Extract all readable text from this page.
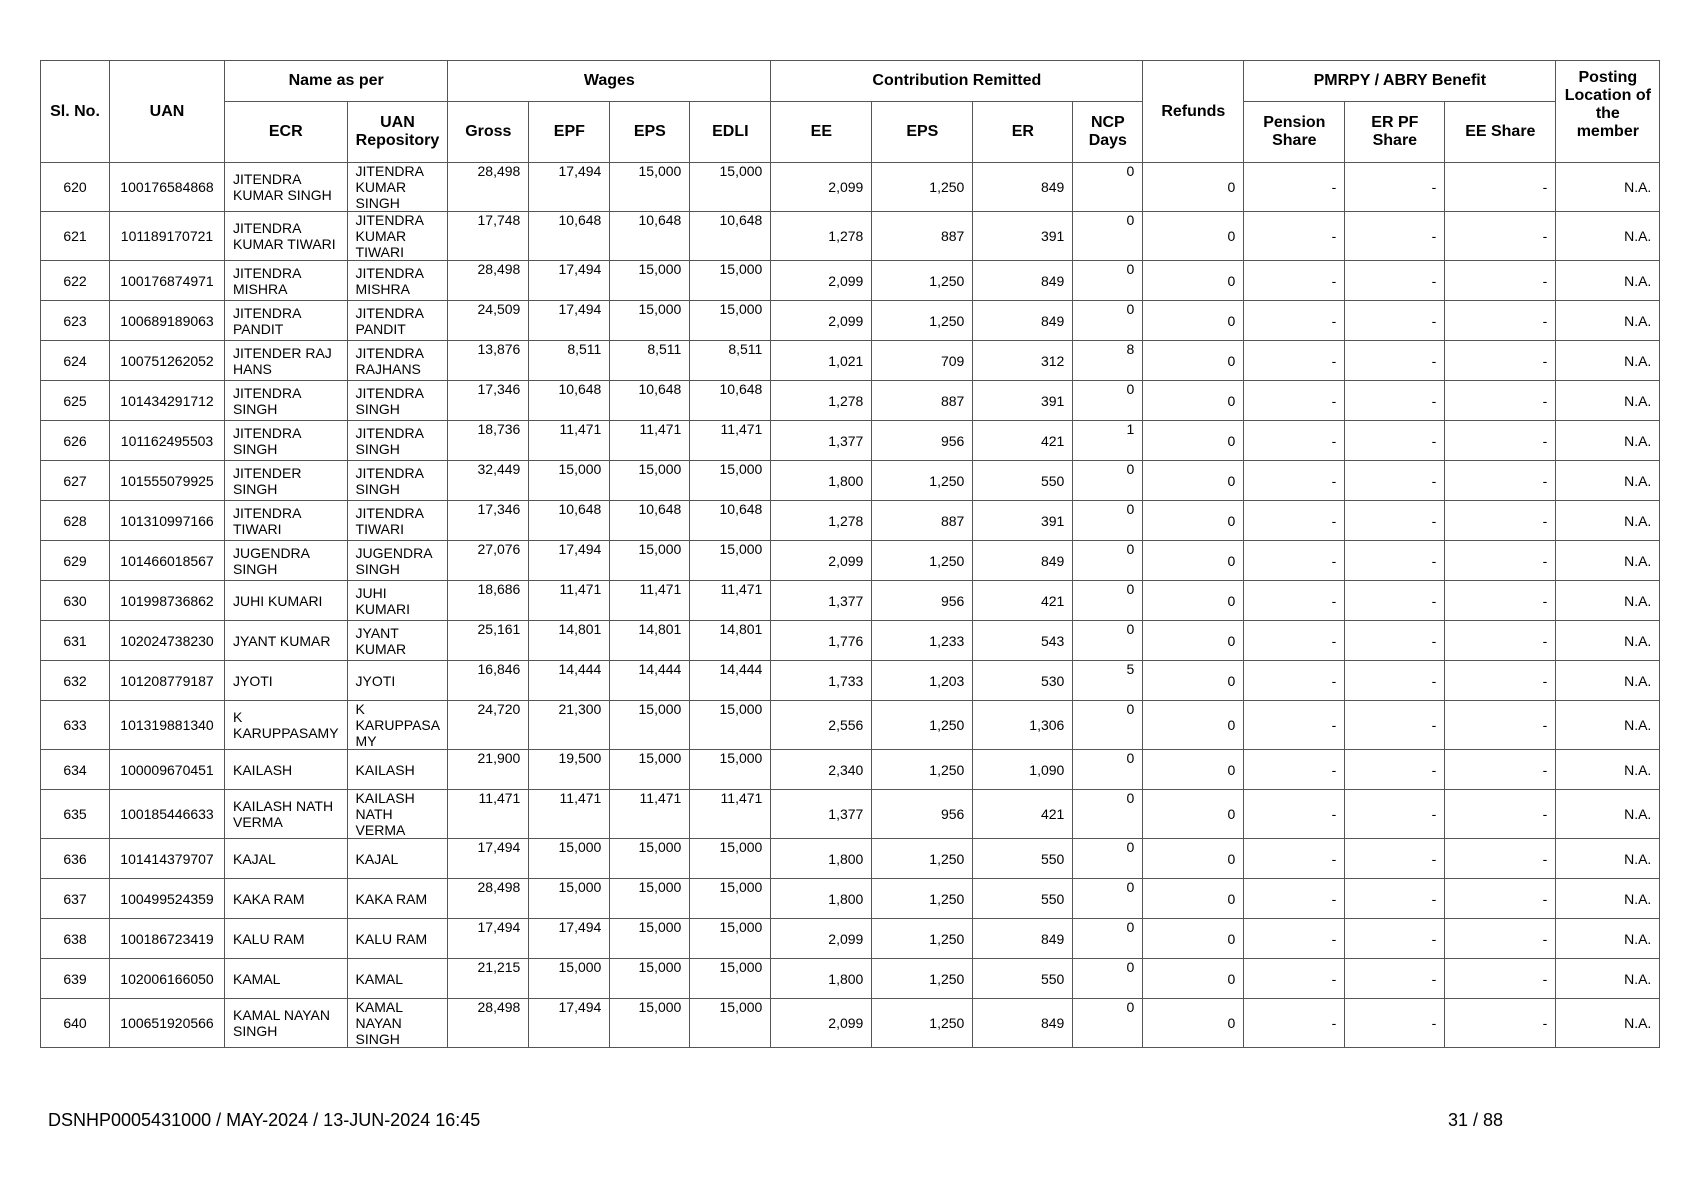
Sl. No.	UAN	Name as per		Wages				Contribution Remitted				Refunds	PMRPY / ABRY Benefit			Posting Location of the member
		ECR	UAN Repository	Gross	EPF	EPS	EDLI	EE	EPS	ER	NCP Days		Pension Share	ER PF Share	EE Share	
620	100176584868	JITENDRA KUMAR SINGH	JITENDRA KUMAR SINGH	28,498	17,494	15,000	15,000	2,099	1,250	849	0	0	-	-	-	N.A.
621	101189170721	JITENDRA KUMAR TIWARI	JITENDRA KUMAR TIWARI	17,748	10,648	10,648	10,648	1,278	887	391	0	0	-	-	-	N.A.
622	100176874971	JITENDRA MISHRA	JITENDRA MISHRA	28,498	17,494	15,000	15,000	2,099	1,250	849	0	0	-	-	-	N.A.
623	100689189063	JITENDRA PANDIT	JITENDRA PANDIT	24,509	17,494	15,000	15,000	2,099	1,250	849	0	0	-	-	-	N.A.
624	100751262052	JITENDER RAJ HANS	JITENDRA RAJHANS	13,876	8,511	8,511	8,511	1,021	709	312	8	0	-	-	-	N.A.
625	101434291712	JITENDRA SINGH	JITENDRA SINGH	17,346	10,648	10,648	10,648	1,278	887	391	0	0	-	-	-	N.A.
626	101162495503	JITENDRA SINGH	JITENDRA SINGH	18,736	11,471	11,471	11,471	1,377	956	421	1	0	-	-	-	N.A.
627	101555079925	JITENDER SINGH	JITENDRA SINGH	32,449	15,000	15,000	15,000	1,800	1,250	550	0	0	-	-	-	N.A.
628	101310997166	JITENDRA TIWARI	JITENDRA TIWARI	17,346	10,648	10,648	10,648	1,278	887	391	0	0	-	-	-	N.A.
629	101466018567	JUGENDRA SINGH	JUGENDRA SINGH	27,076	17,494	15,000	15,000	2,099	1,250	849	0	0	-	-	-	N.A.
630	101998736862	JUHI KUMARI	JUHI KUMARI	18,686	11,471	11,471	11,471	1,377	956	421	0	0	-	-	-	N.A.
631	102024738230	JYANT KUMAR	JYANT KUMAR	25,161	14,801	14,801	14,801	1,776	1,233	543	0	0	-	-	-	N.A.
632	101208779187	JYOTI	JYOTI	16,846	14,444	14,444	14,444	1,733	1,203	530	5	0	-	-	-	N.A.
633	101319881340	K KARUPPASAMY	K KARUPPASA MY	24,720	21,300	15,000	15,000	2,556	1,250	1,306	0	0	-	-	-	N.A.
634	100009670451	KAILASH	KAILASH	21,900	19,500	15,000	15,000	2,340	1,250	1,090	0	0	-	-	-	N.A.
635	100185446633	KAILASH NATH VERMA	KAILASH NATH VERMA	11,471	11,471	11,471	11,471	1,377	956	421	0	0	-	-	-	N.A.
636	101414379707	KAJAL	KAJAL	17,494	15,000	15,000	15,000	1,800	1,250	550	0	0	-	-	-	N.A.
637	100499524359	KAKA RAM	KAKA RAM	28,498	15,000	15,000	15,000	1,800	1,250	550	0	0	-	-	-	N.A.
638	100186723419	KALU RAM	KALU RAM	17,494	17,494	15,000	15,000	2,099	1,250	849	0	0	-	-	-	N.A.
639	102006166050	KAMAL	KAMAL	21,215	15,000	15,000	15,000	1,800	1,250	550	0	0	-	-	-	N.A.
640	100651920566	KAMAL NAYAN SINGH	KAMAL NAYAN SINGH	28,498	17,494	15,000	15,000	2,099	1,250	849	0	0	-	-	-	N.A.
DSNHP0005431000 / MAY-2024 / 13-JUN-2024 16:45	31 / 88
